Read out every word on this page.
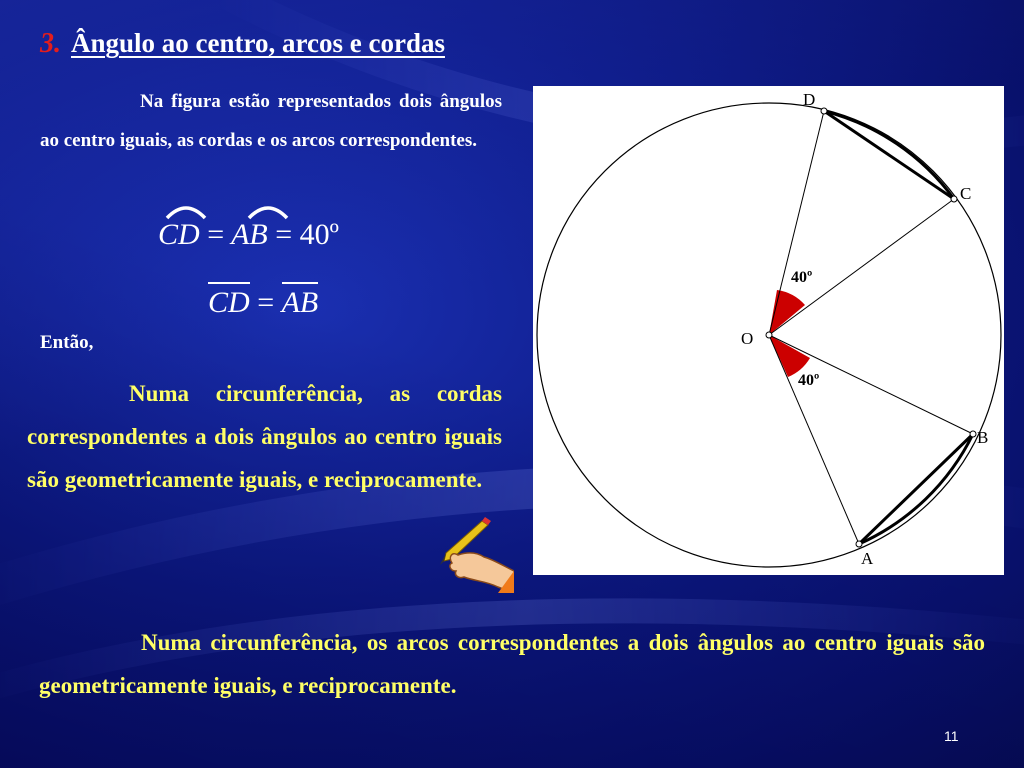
3. Ângulo ao centro, arcos e cordas

Na figura estão representados dois ângulos ao centro iguais, as cordas e os arcos correspondentes.

CD = AB = 40º
CD = AB
Então,

Numa circunferência, as cordas correspondentes a dois ângulos ao centro iguais são geometricamente iguais, e reciprocamente.

D
C
O
B
A
40º
40º

Numa circunferência, os arcos correspondentes a dois ângulos ao centro iguais são geometricamente iguais, e reciprocamente.

11
